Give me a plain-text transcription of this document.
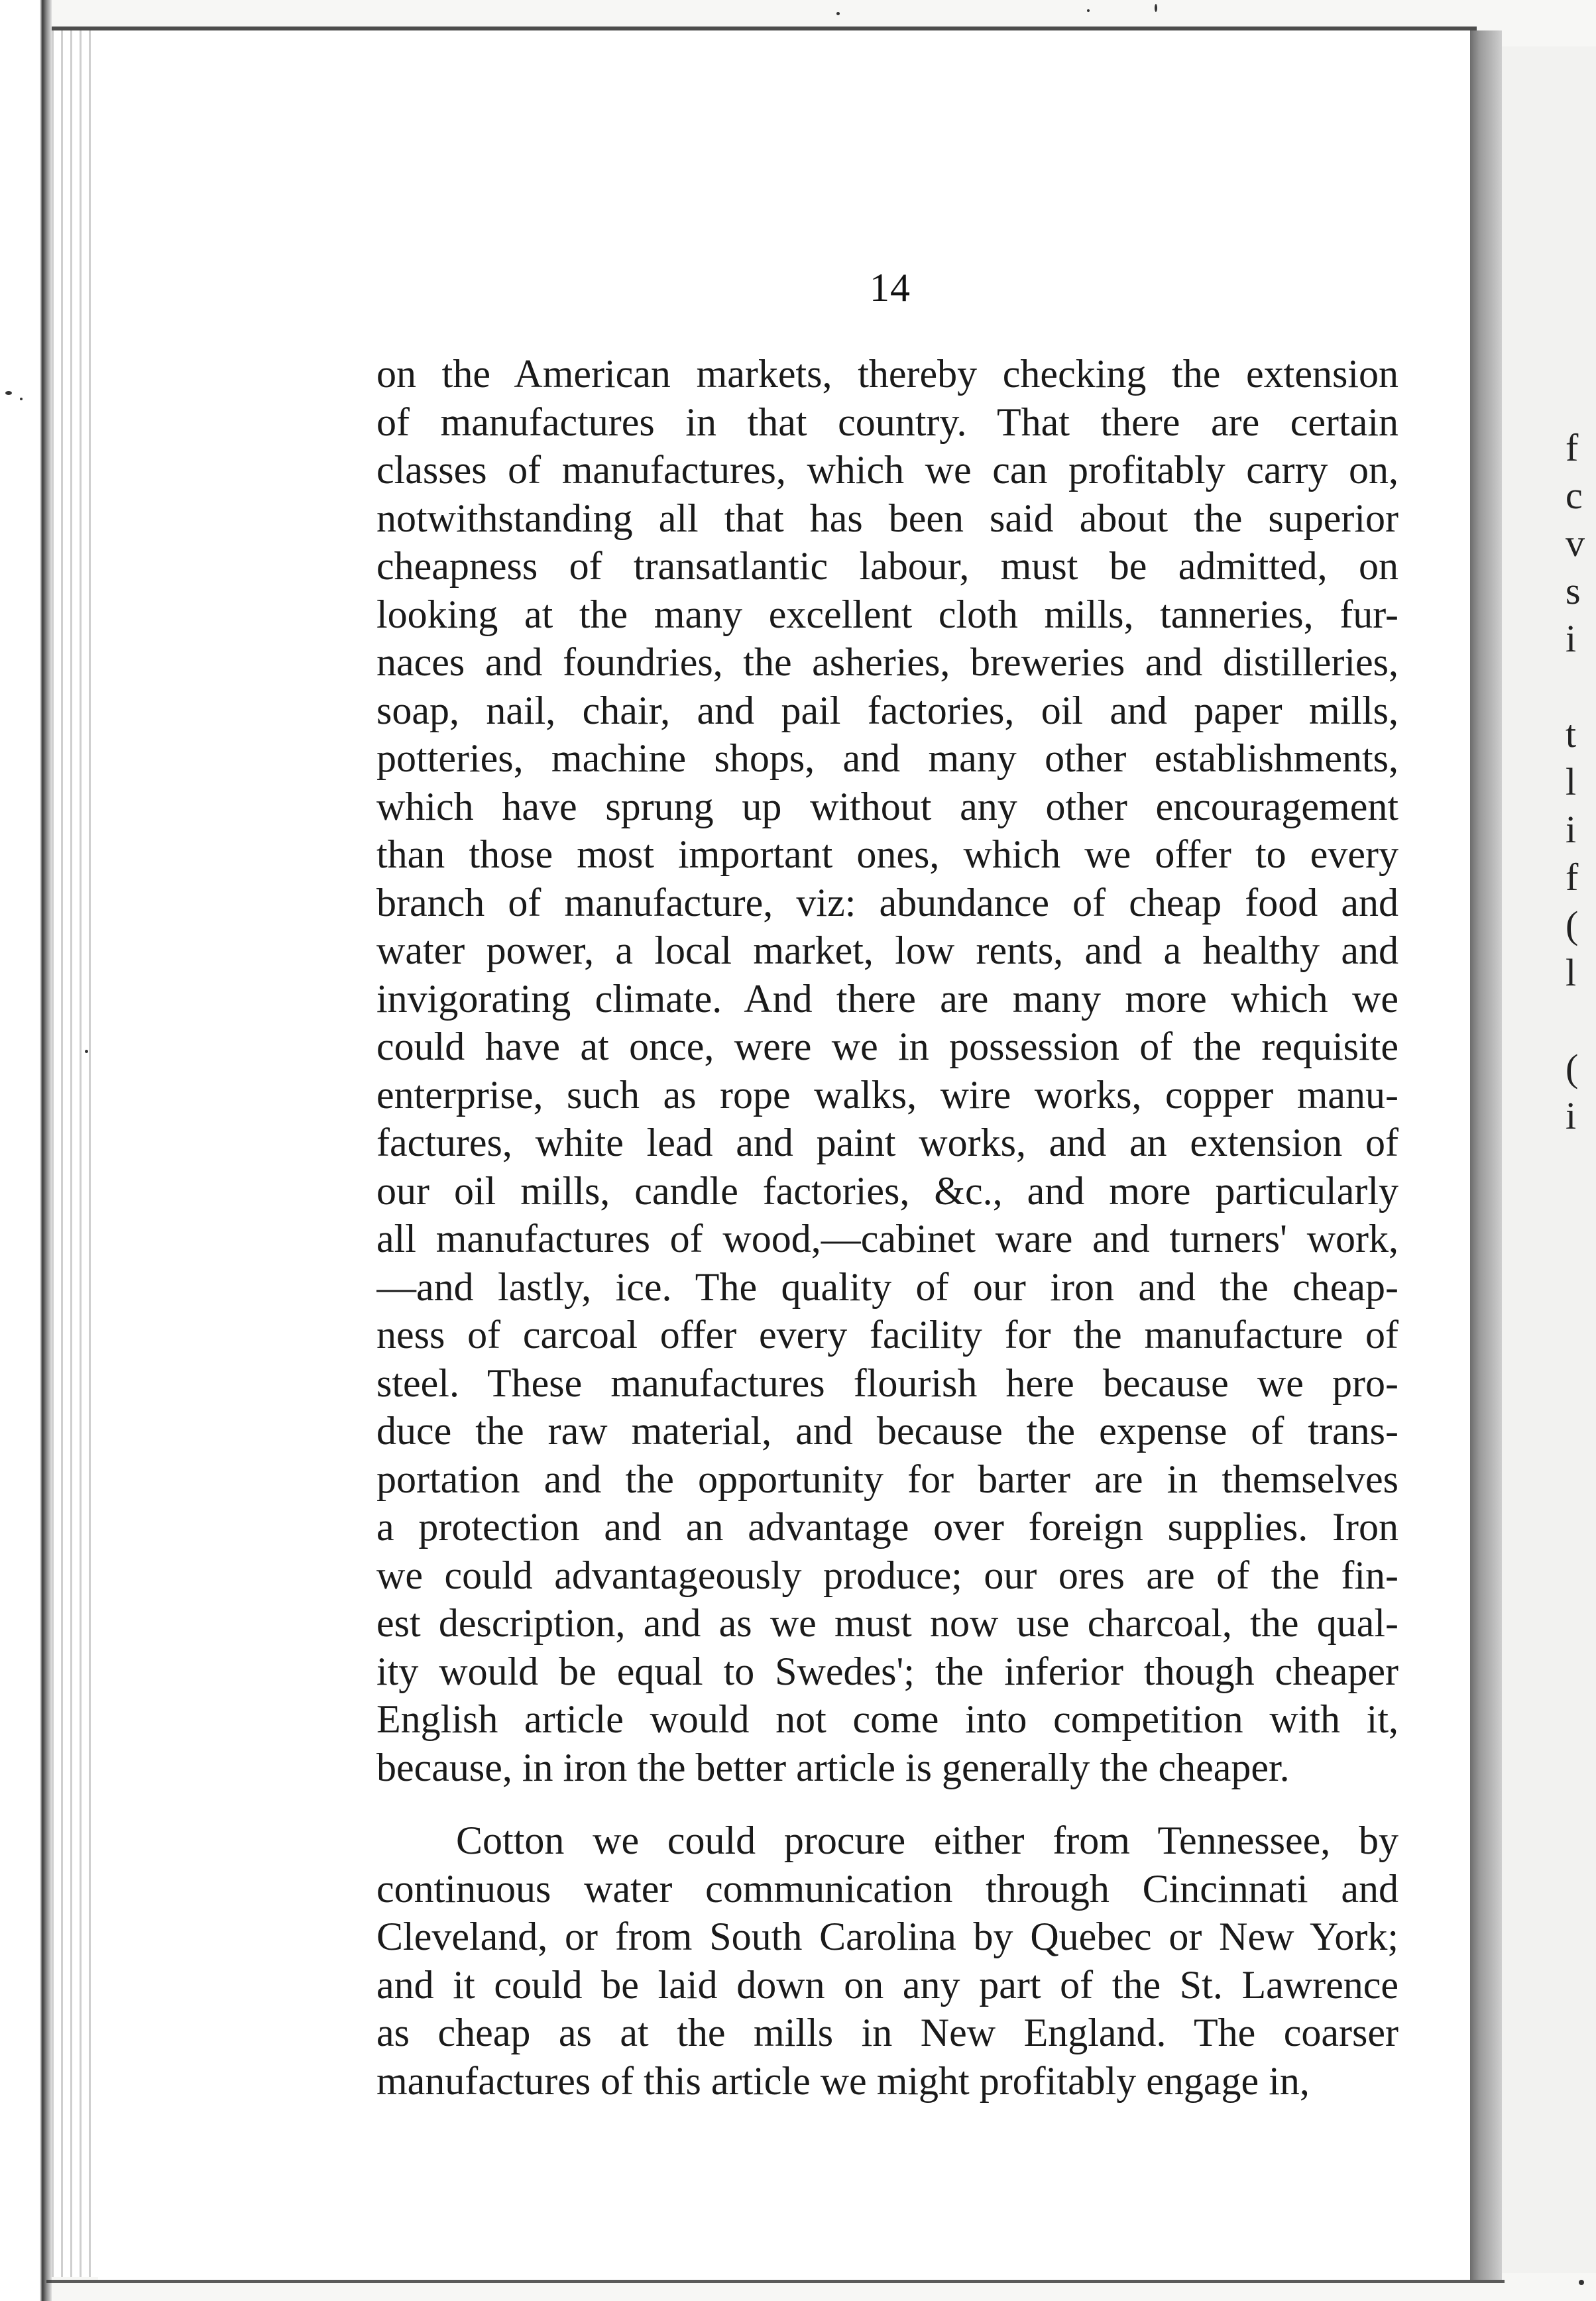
f
c
v
s
i

t
l
i
f
(
l

(
i
14
on the American markets, thereby checking the extension
of manufactures in that country. That there are certain
classes of manufactures, which we can profitably carry on,
notwithstanding all that has been said about the superior
cheapness of transatlantic labour, must be admitted, on
looking at the many excellent cloth mills, tanneries, fur-
naces and foundries, the asheries, breweries and distilleries,
soap, nail, chair, and pail factories, oil and paper mills,
potteries, machine shops, and many other establishments,
which have sprung up without any other encouragement
than those most important ones, which we offer to every
branch of manufacture, viz: abundance of cheap food and
water power, a local market, low rents, and a healthy and
invigorating climate. And there are many more which we
could have at once, were we in possession of the requisite
enterprise, such as rope walks, wire works, copper manu-
factures, white lead and paint works, and an extension of
our oil mills, candle factories, &c., and more particularly
all manufactures of wood,—cabinet ware and turners' work,
—and lastly, ice. The quality of our iron and the cheap-
ness of carcoal offer every facility for the manufacture of
steel. These manufactures flourish here because we pro-
duce the raw material, and because the expense of trans-
portation and the opportunity for barter are in themselves
a protection and an advantage over foreign supplies. Iron
we could advantageously produce; our ores are of the fin-
est description, and as we must now use charcoal, the qual-
ity would be equal to Swedes'; the inferior though cheaper
English article would not come into competition with it,
because, in iron the better article is generally the cheaper.
Cotton we could procure either from Tennessee, by
continuous water communication through Cincinnati and
Cleveland, or from South Carolina by Quebec or New York;
and it could be laid down on any part of the St. Lawrence
as cheap as at the mills in New England. The coarser
manufactures of this article we might profitably engage in,
